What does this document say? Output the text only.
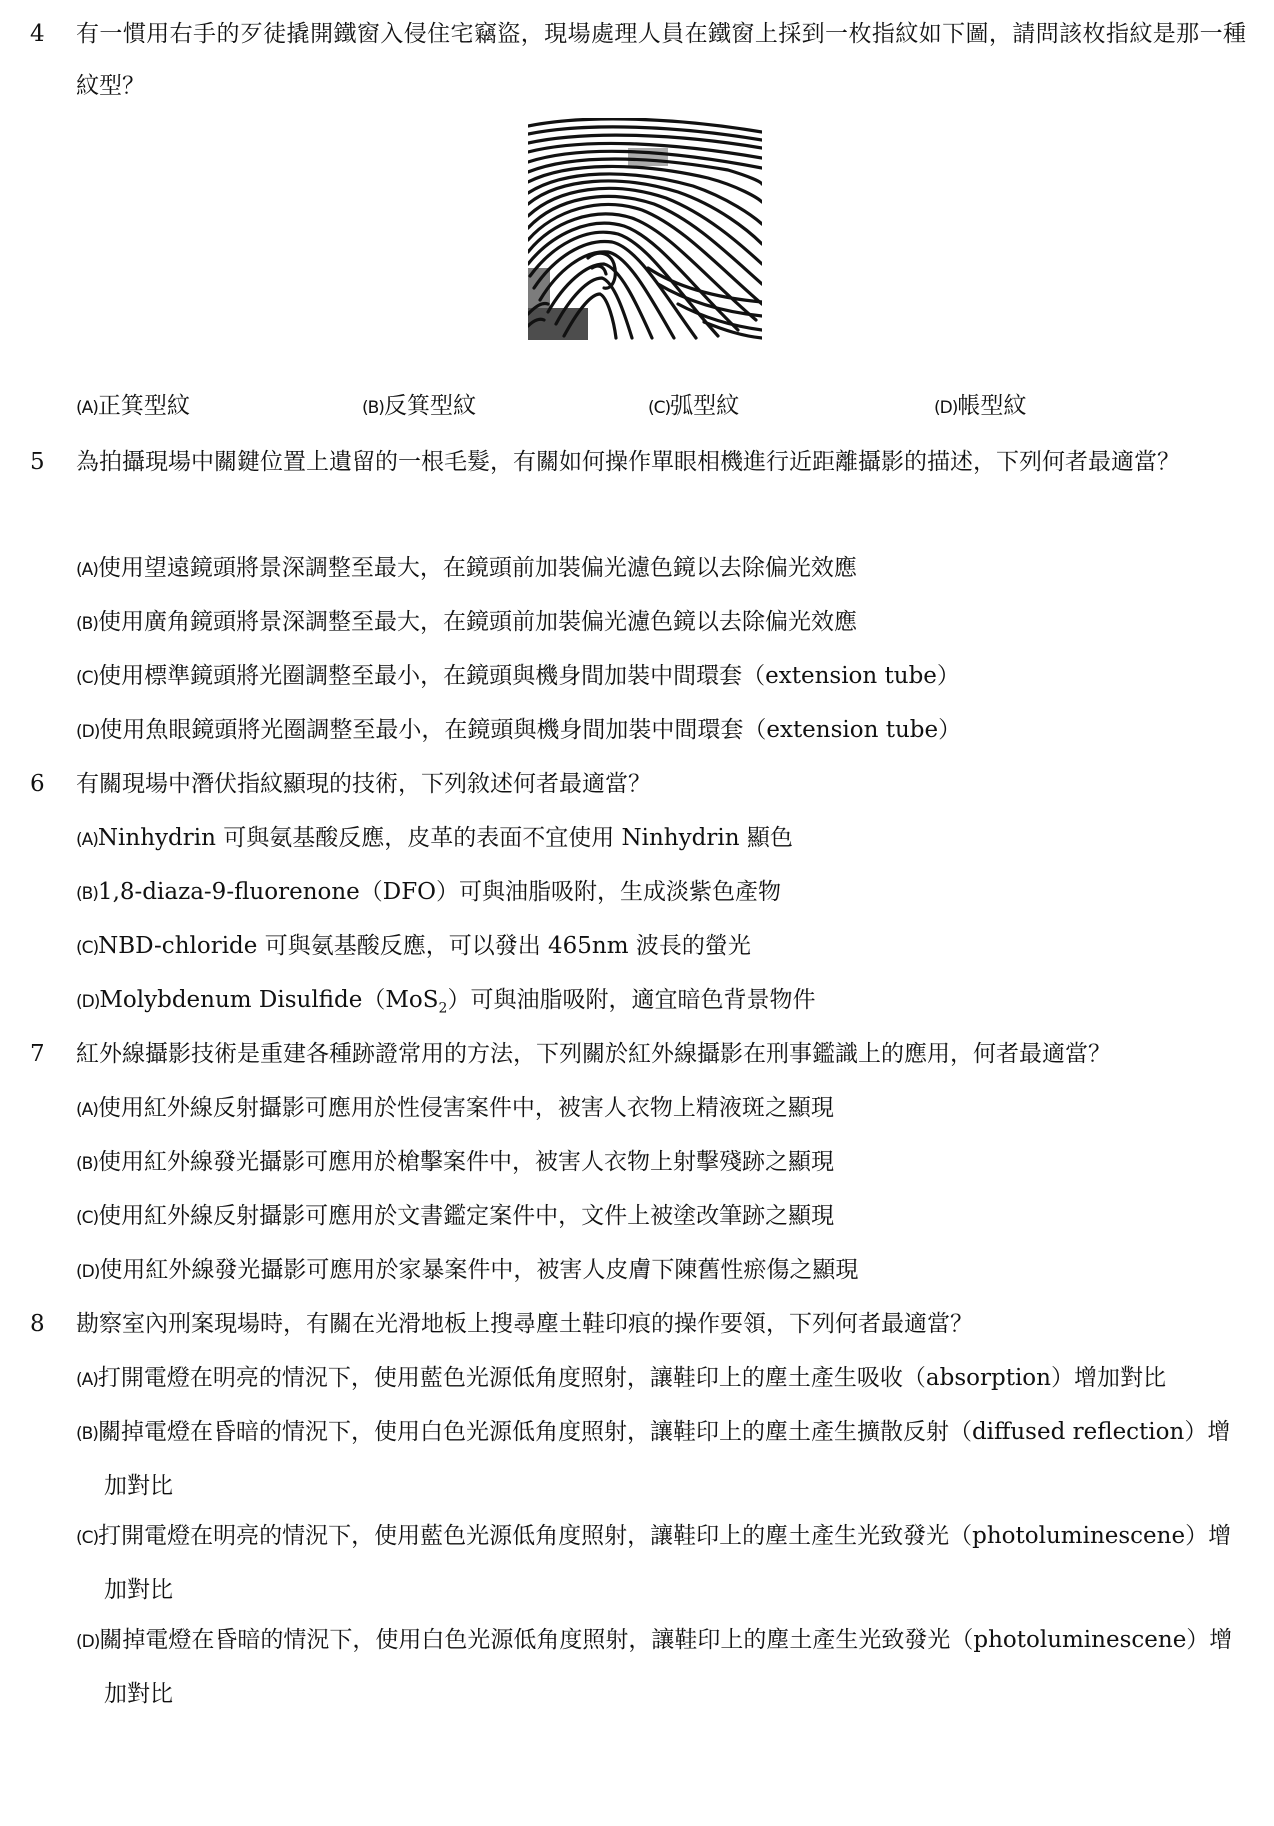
4	有一慣用右手的歹徒撬開鐵窗入侵住宅竊盜，現場處理人員在鐵窗上採到一枚指紋如下圖，請問該枚指紋是那一種紋型？
(A)正箕型紋	(B)反箕型紋	(C)弧型紋	(D)帳型紋
5	為拍攝現場中關鍵位置上遺留的一根毛髮，有關如何操作單眼相機進行近距離攝影的描述，下列何者最適當？
(A)使用望遠鏡頭將景深調整至最大，在鏡頭前加裝偏光濾色鏡以去除偏光效應
(B)使用廣角鏡頭將景深調整至最大，在鏡頭前加裝偏光濾色鏡以去除偏光效應
(C)使用標準鏡頭將光圈調整至最小，在鏡頭與機身間加裝中間環套（extension tube）
(D)使用魚眼鏡頭將光圈調整至最小，在鏡頭與機身間加裝中間環套（extension tube）
6	有關現場中潛伏指紋顯現的技術，下列敘述何者最適當？
(A)Ninhydrin 可與氨基酸反應，皮革的表面不宜使用 Ninhydrin 顯色
(B)1,8-diaza-9-fluorenone（DFO）可與油脂吸附，生成淡紫色產物
(C)NBD-chloride 可與氨基酸反應，可以發出 465nm 波長的螢光
(D)Molybdenum Disulfide（MoS$_2$）可與油脂吸附，適宜暗色背景物件
7	紅外線攝影技術是重建各種跡證常用的方法，下列關於紅外線攝影在刑事鑑識上的應用，何者最適當？
(A)使用紅外線反射攝影可應用於性侵害案件中，被害人衣物上精液斑之顯現
(B)使用紅外線發光攝影可應用於槍擊案件中，被害人衣物上射擊殘跡之顯現
(C)使用紅外線反射攝影可應用於文書鑑定案件中，文件上被塗改筆跡之顯現
(D)使用紅外線發光攝影可應用於家暴案件中，被害人皮膚下陳舊性瘀傷之顯現
8	勘察室內刑案現場時，有關在光滑地板上搜尋塵土鞋印痕的操作要領，下列何者最適當？
(A)打開電燈在明亮的情況下，使用藍色光源低角度照射，讓鞋印上的塵土產生吸收（absorption）增加對比
(B)關掉電燈在昏暗的情況下，使用白色光源低角度照射，讓鞋印上的塵土產生擴散反射（diffused reflection）增加對比
(C)打開電燈在明亮的情況下，使用藍色光源低角度照射，讓鞋印上的塵土產生光致發光（photoluminescene）增加對比
(D)關掉電燈在昏暗的情況下，使用白色光源低角度照射，讓鞋印上的塵土產生光致發光（photoluminescene）增加對比
